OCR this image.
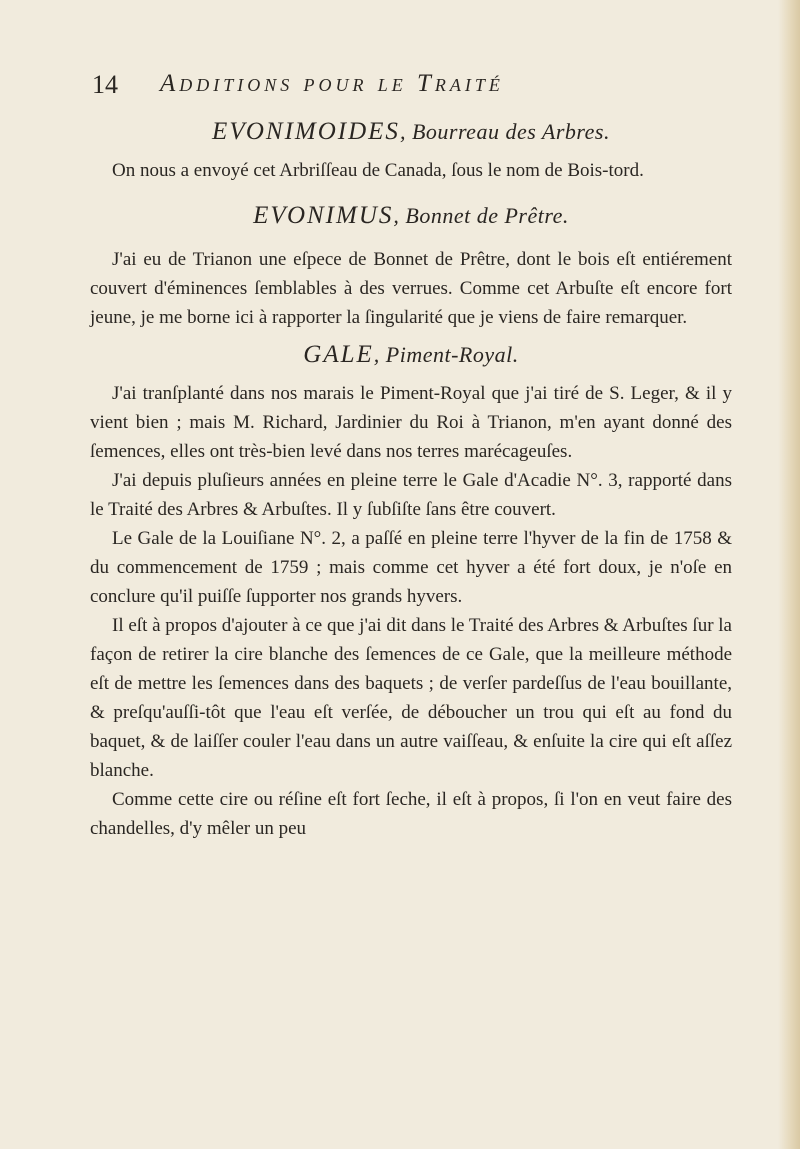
14 Additions pour le Traité

EVONIMOIDES, Bourreau des Arbres.

On nous a envoyé cet Arbriſſeau de Canada, ſous le nom de Bois-tord.

EVONIMUS, Bonnet de Prêtre.

J'ai eu de Trianon une eſpece de Bonnet de Prêtre, dont le bois eſt entiérement couvert d'éminences ſemblables à des verrues. Comme cet Arbuſte eſt encore fort jeune, je me borne ici à rapporter la ſingularité que je viens de faire remarquer.

GALE, Piment-Royal.

J'ai tranſplanté dans nos marais le Piment-Royal que j'ai tiré de S. Leger, & il y vient bien ; mais M. Richard, Jardinier du Roi à Trianon, m'en ayant donné des ſemences, elles ont très-bien levé dans nos terres marécageuſes.

J'ai depuis pluſieurs années en pleine terre le Gale d'Acadie N°. 3, rapporté dans le Traité des Arbres & Arbuſtes. Il y ſubſiſte ſans être couvert.

Le Gale de la Louiſiane N°. 2, a paſſé en pleine terre l'hyver de la fin de 1758 & du commencement de 1759 ; mais comme cet hyver a été fort doux, je n'oſe en conclure qu'il puiſſe ſupporter nos grands hyvers.

Il eſt à propos d'ajouter à ce que j'ai dit dans le Traité des Arbres & Arbuſtes ſur la façon de retirer la cire blanche des ſemences de ce Gale, que la meilleure méthode eſt de mettre les ſemences dans des baquets ; de verſer pardeſſus de l'eau bouillante, & preſqu'auſſi-tôt que l'eau eſt verſée, de déboucher un trou qui eſt au fond du baquet, & de laiſſer couler l'eau dans un autre vaiſſeau, & enſuite la cire qui eſt aſſez blanche.

Comme cette cire ou réſine eſt fort ſeche, il eſt à propos, ſi l'on en veut faire des chandelles, d'y mêler un peu
